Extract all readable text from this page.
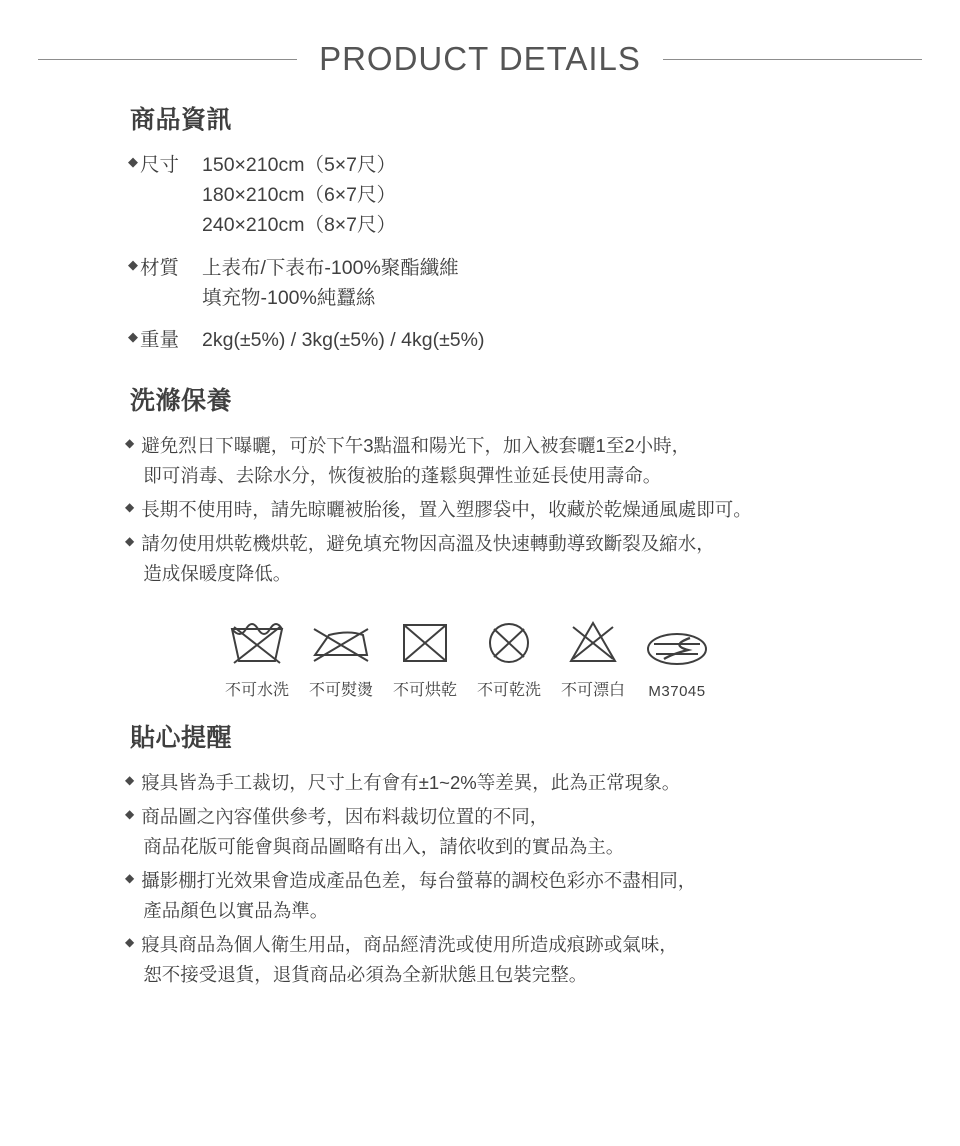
PRODUCT DETAILS
商品資訊
◆ 尺寸	150×210cm（5×7尺）
180×210cm（6×7尺）
240×210cm（8×7尺）
◆ 材質	上表布/下表布-100%聚酯纖維
填充物-100%純蠶絲
◆ 重量	2kg(±5%) / 3kg(±5%) / 4kg(±5%)
洗滌保養
◆ 避免烈日下曝曬，可於下午3點溫和陽光下，加入被套曬1至2小時，
即可消毒、去除水分，恢復被胎的蓬鬆與彈性並延長使用壽命。
◆ 長期不使用時，請先晾曬被胎後，置入塑膠袋中，收藏於乾燥通風處即可。
◆ 請勿使用烘乾機烘乾，避免填充物因高溫及快速轉動導致斷裂及縮水，
造成保暖度降低。
不可水洗	不可熨燙	不可烘乾	不可乾洗	不可漂白	M37045
貼心提醒
◆ 寢具皆為手工裁切，尺寸上有會有±1~2%等差異，此為正常現象。
◆ 商品圖之內容僅供參考，因布料裁切位置的不同，
商品花版可能會與商品圖略有出入，請依收到的實品為主。
◆ 攝影棚打光效果會造成產品色差，每台螢幕的調校色彩亦不盡相同，
產品顏色以實品為準。
◆ 寢具商品為個人衛生用品，商品經清洗或使用所造成痕跡或氣味，
恕不接受退貨，退貨商品必須為全新狀態且包裝完整。
